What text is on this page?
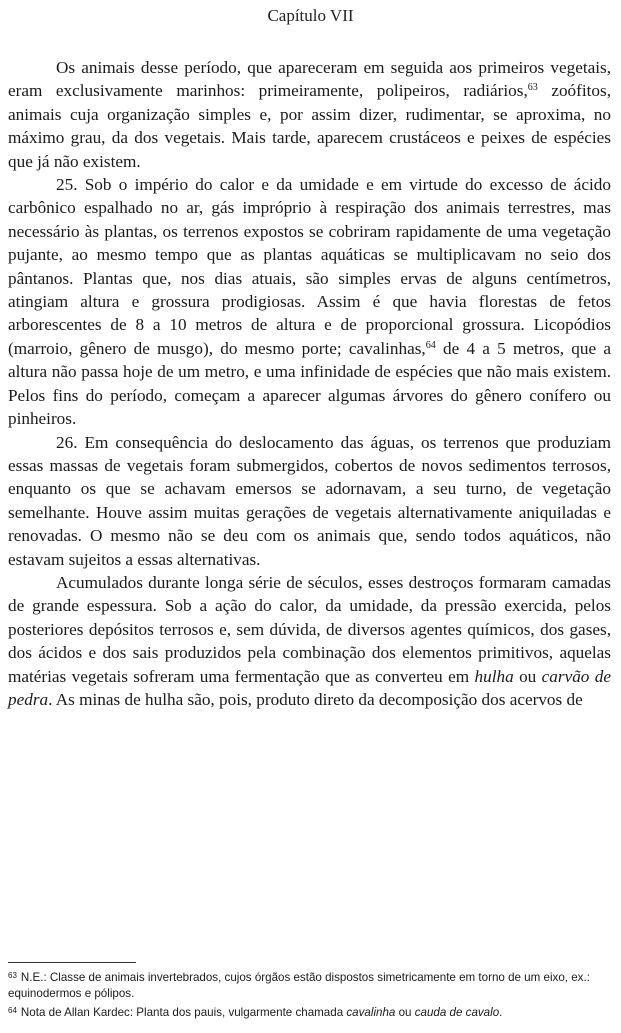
Capítulo VII

Os animais desse período, que apareceram em seguida aos primeiros vegetais, eram exclusivamente marinhos: primeiramente, polipeiros, radiários,$^{63}$ zoófitos, animais cuja organização simples e, por assim dizer, rudimentar, se aproxima, no máximo grau, da dos vegetais. Mais tarde, aparecem crustáceos e peixes de espécies que já não existem.

25. Sob o império do calor e da umidade e em virtude do excesso de ácido carbônico espalhado no ar, gás impróprio à respiração dos animais terrestres, mas necessário às plantas, os terrenos expostos se cobriram rapidamente de uma vegetação pujante, ao mesmo tempo que as plantas aquáticas se multiplicavam no seio dos pântanos. Plantas que, nos dias atuais, são simples ervas de alguns centímetros, atingiam altura e grossura prodigiosas. Assim é que havia florestas de fetos arborescentes de 8 a 10 metros de altura e de proporcional grossura. Licopódios (marroio, gênero de musgo), do mesmo porte; cavalinhas,$^{64}$ de 4 a 5 metros, que a altura não passa hoje de um metro, e uma infinidade de espécies que não mais existem. Pelos fins do período, começam a aparecer algumas árvores do gênero conífero ou pinheiros.

26. Em consequência do deslocamento das águas, os terrenos que produziam essas massas de vegetais foram submergidos, cobertos de novos sedimentos terrosos, enquanto os que se achavam emersos se adornavam, a seu turno, de vegetação semelhante. Houve assim muitas gerações de vegetais alternativamente aniquiladas e renovadas. O mesmo não se deu com os animais que, sendo todos aquáticos, não estavam sujeitos a essas alternativas.

Acumulados durante longa série de séculos, esses destroços formaram camadas de grande espessura. Sob a ação do calor, da umidade, da pressão exercida, pelos posteriores depósitos terrosos e, sem dúvida, de diversos agentes químicos, dos gases, dos ácidos e dos sais produzidos pela combinação dos elementos primitivos, aquelas matérias vegetais sofreram uma fermentação que as converteu em hulha ou carvão de pedra. As minas de hulha são, pois, produto direto da decomposição dos acervos de

$^{63}$ N.E.: Classe de animais invertebrados, cujos órgãos estão dispostos simetricamente em torno de um eixo, ex.: equinodermos e pólipos.
$^{64}$ Nota de Allan Kardec: Planta dos pauis, vulgarmente chamada cavalinha ou cauda de cavalo.
